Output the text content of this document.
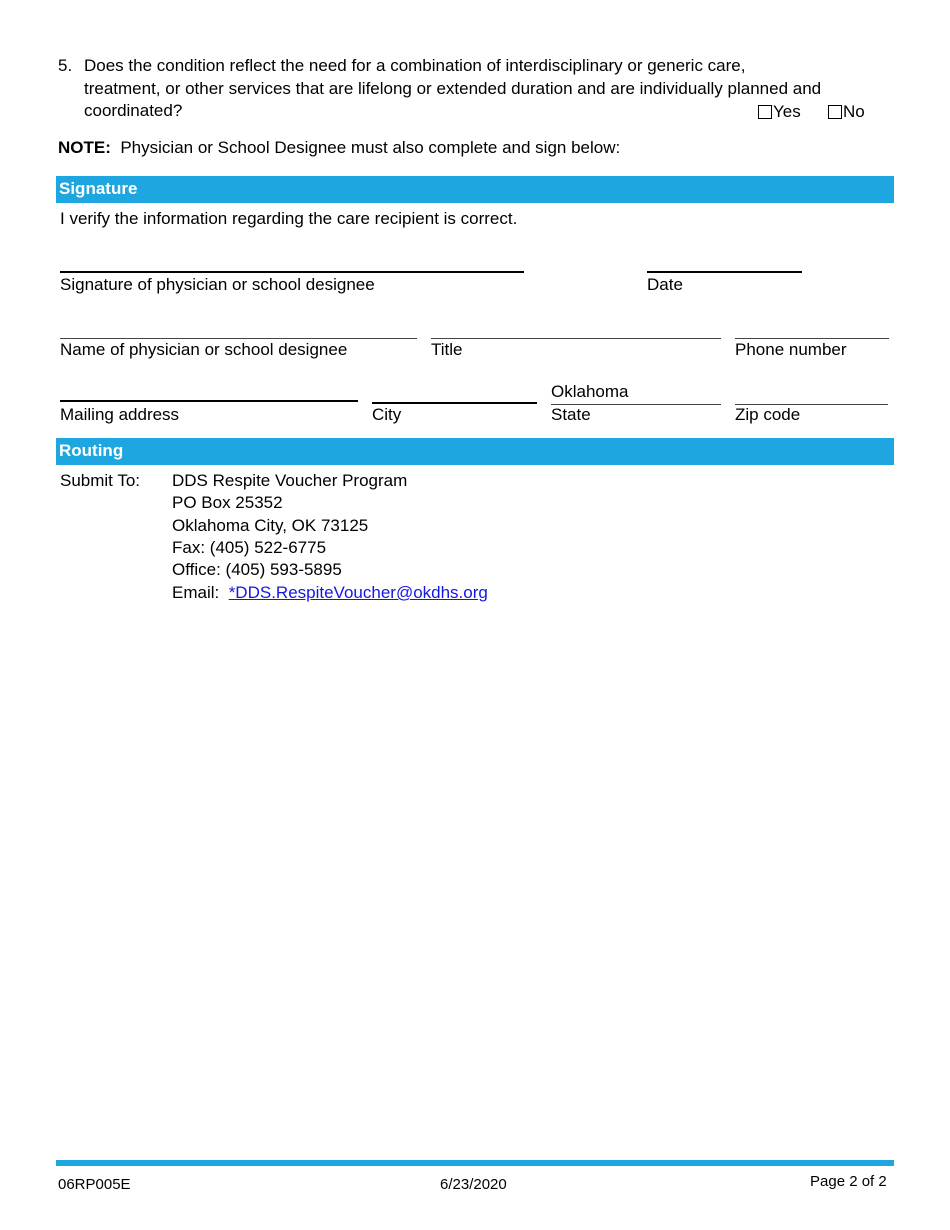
5. Does the condition reflect the need for a combination of interdisciplinary or generic care,
treatment, or other services that are lifelong or extended duration and are individually planned and
coordinated?	Yes	No
NOTE: Physician or School Designee must also complete and sign below:
Signature
I verify the information regarding the care recipient is correct.
Signature of physician or school designee	Date
Name of physician or school designee	Title	Phone number
Oklahoma
Mailing address	City	State	Zip code
Routing
Submit To: DDS Respite Voucher Program
PO Box 25352
Oklahoma City, OK 73125
Fax: (405) 522-6775
Office: (405) 593-5895
Email: *DDS.RespiteVoucher@okdhs.org
06RP005E	6/23/2020	Page 2 of 2
